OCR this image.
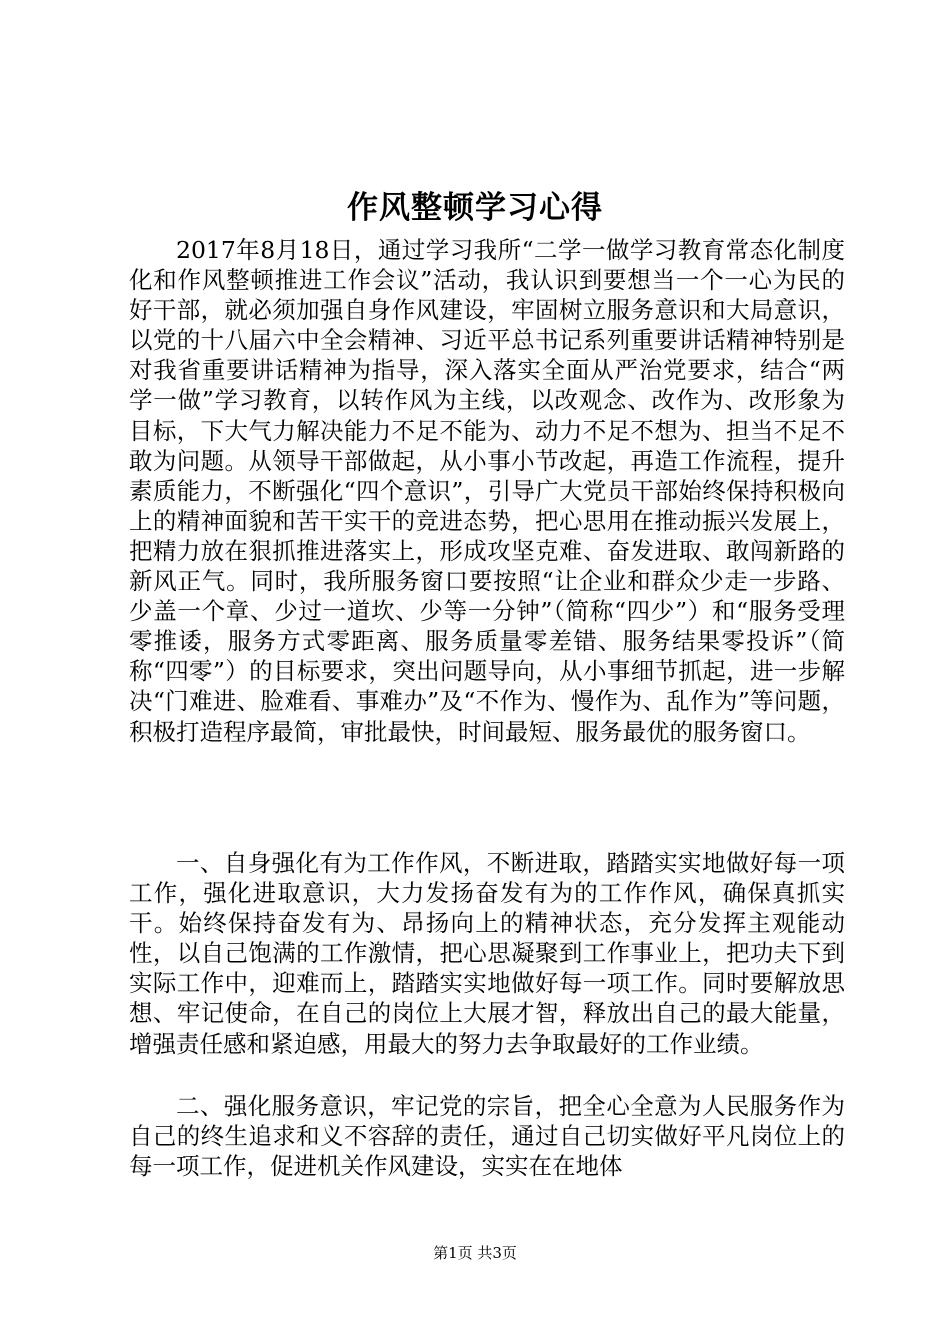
作风整顿学习心得

2017年8月18日，通过学习我所“二学一做学习教育常态化制度化和作风整顿推进工作会议”活动，我认识到要想当一个一心为民的好干部，就必须加强自身作风建设，牢固树立服务意识和大局意识，以党的十八届六中全会精神、习近平总书记系列重要讲话精神特别是对我省重要讲话精神为指导，深入落实全面从严治党要求，结合“两学一做”学习教育，以转作风为主线，以改观念、改作为、改形象为目标，下大气力解决能力不足不能为、动力不足不想为、担当不足不敢为问题。从领导干部做起，从小事小节改起，再造工作流程，提升素质能力，不断强化“四个意识”，引导广大党员干部始终保持积极向上的精神面貌和苦干实干的竞进态势，把心思用在推动振兴发展上，把精力放在狠抓推进落实上，形成攻坚克难、奋发进取、敢闯新路的新风正气。同时，我所服务窗口要按照“让企业和群众少走一步路、少盖一个章、少过一道坎、少等一分钟”（简称“四少”）和“服务受理零推诿，服务方式零距离、服务质量零差错、服务结果零投诉”（简称“四零”）的目标要求，突出问题导向，从小事细节抓起，进一步解决“门难进、脸难看、事难办”及“不作为、慢作为、乱作为”等问题，积极打造程序最简，审批最快，时间最短、服务最优的服务窗口。

一、自身强化有为工作作风，不断进取，踏踏实实地做好每一项工作，强化进取意识，大力发扬奋发有为的工作作风，确保真抓实干。始终保持奋发有为、昂扬向上的精神状态，充分发挥主观能动性，以自己饱满的工作激情，把心思凝聚到工作事业上，把功夫下到实际工作中，迎难而上，踏踏实实地做好每一项工作。同时要解放思想、牢记使命，在自己的岗位上大展才智，释放出自己的最大能量，增强责任感和紧迫感，用最大的努力去争取最好的工作业绩。

二、强化服务意识，牢记党的宗旨，把全心全意为人民服务作为自己的终生追求和义不容辞的责任，通过自己切实做好平凡岗位上的每一项工作，促进机关作风建设，实实在在地体

第1页 共3页
